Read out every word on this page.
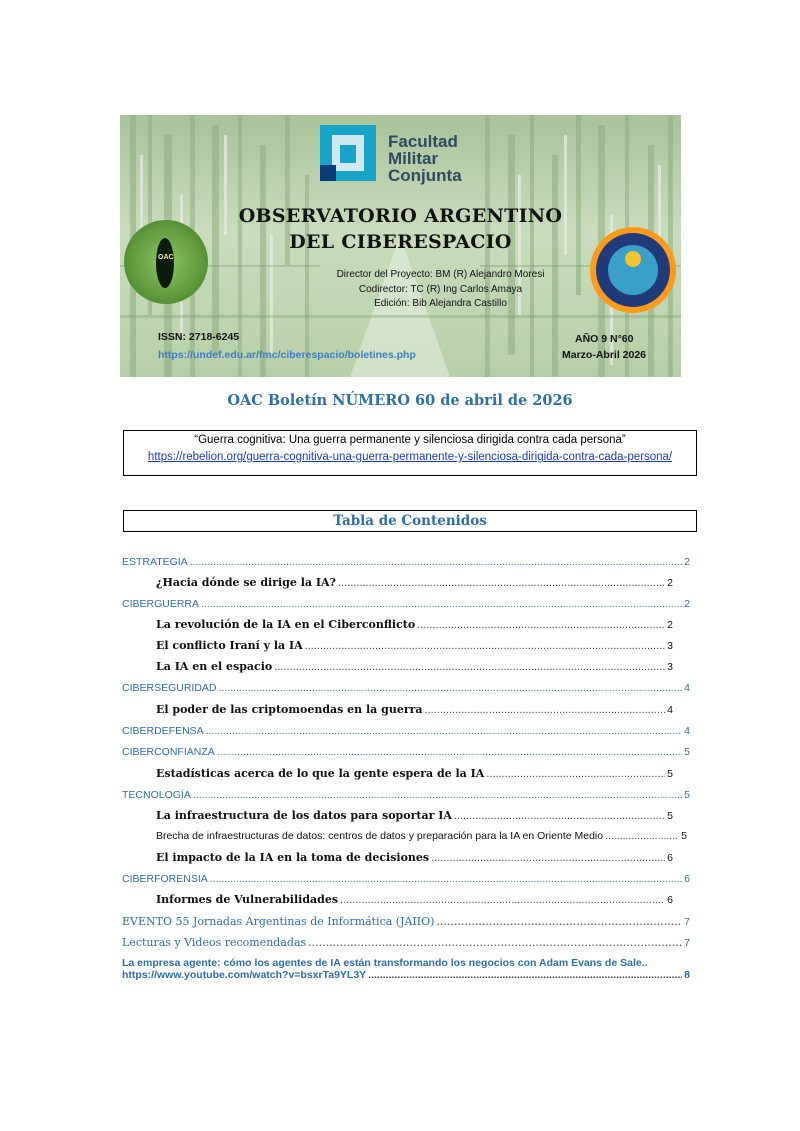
Facultad
Militar
Conjunta
OBSERVATORIO ARGENTINO
DEL CIBERESPACIO
Director del Proyecto: BM (R) Alejandro Moresi
Codirector: TC (R) Ing Carlos Amaya
Edición: Bib Alejandra Castillo
OAC
ISSN: 2718-6245
https://undef.edu.ar/fmc/ciberespacio/boletines.php
AÑO 9 N°60
Marzo-Abril 2026
OAC Boletín NÚMERO 60 de abril de 2026
“Guerra cognitiva: Una guerra permanente y silenciosa dirigida contra cada persona”
https://rebelion.org/guerra-cognitiva-una-guerra-permanente-y-silenciosa-dirigida-contra-cada-persona/
Tabla de Contenidos
ESTRATEGIA .....	2
¿Hacia dónde se dirige la IA? .....	2
CIBERGUERRA .....	2
La revolución de la IA en el Ciberconflicto .....	2
El conflicto Iraní y la IA .....	3
La IA en el espacio .....	3
CIBERSEGURIDAD .....	4
El poder de las criptomoendas en la guerra .....	4
CIBERDEFENSA .....	4
CIBERCONFIANZA .....	5
Estadísticas acerca de lo que la gente espera de la IA .....	5
TECNOLOGÍA .....	5
La infraestructura de los datos para soportar IA .....	5
Brecha de infraestructuras de datos: centros de datos y preparación para la IA en Oriente Medio .....	5
El impacto de la IA en la toma de decisiones .....	6
CIBERFORENSIA .....	6
Informes de Vulnerabilidades .....	6
EVENTO 55 Jornadas Argentinas de Informática (JAIIO) .....	7
Lecturas y Videos recomendadas .....	7
La empresa agente: cómo los agentes de IA están transformando los negocios con Adam Evans de Sale..
https://www.youtube.com/watch?v=bsxrTa9YL3Y .....	8
